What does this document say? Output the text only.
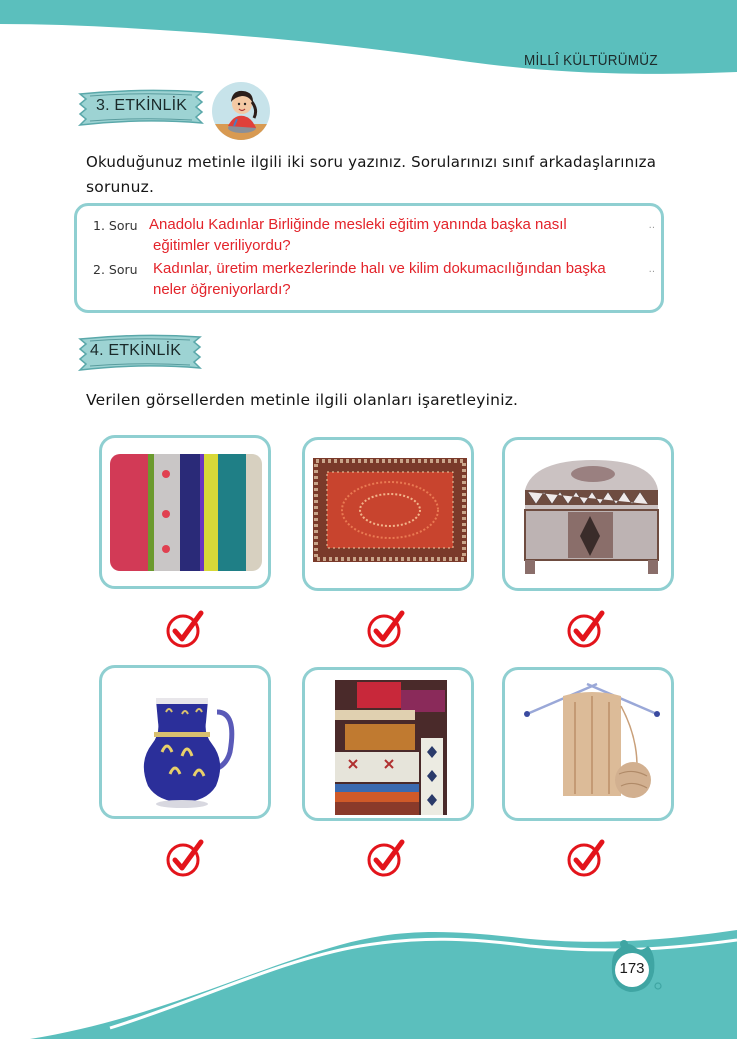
MİLLÎ KÜLTÜRÜMÜZ
3. ETKİNLİK
Okuduğunuz metinle ilgili iki soru yazınız. Sorularınızı sınıf arkadaşlarınıza
sorunuz.
1. Soru Anadolu Kadınlar Birliğinde mesleki eğitim yanında başka nasıl
eğitimler veriliyordu?
..
2. Soru Kadınlar, üretim merkezlerinde halı ve kilim dokumacılığından başka
neler öğreniyorlardı?
..
4. ETKİNLİK
Verilen görsellerden metinle ilgili olanları işaretleyiniz.
173
